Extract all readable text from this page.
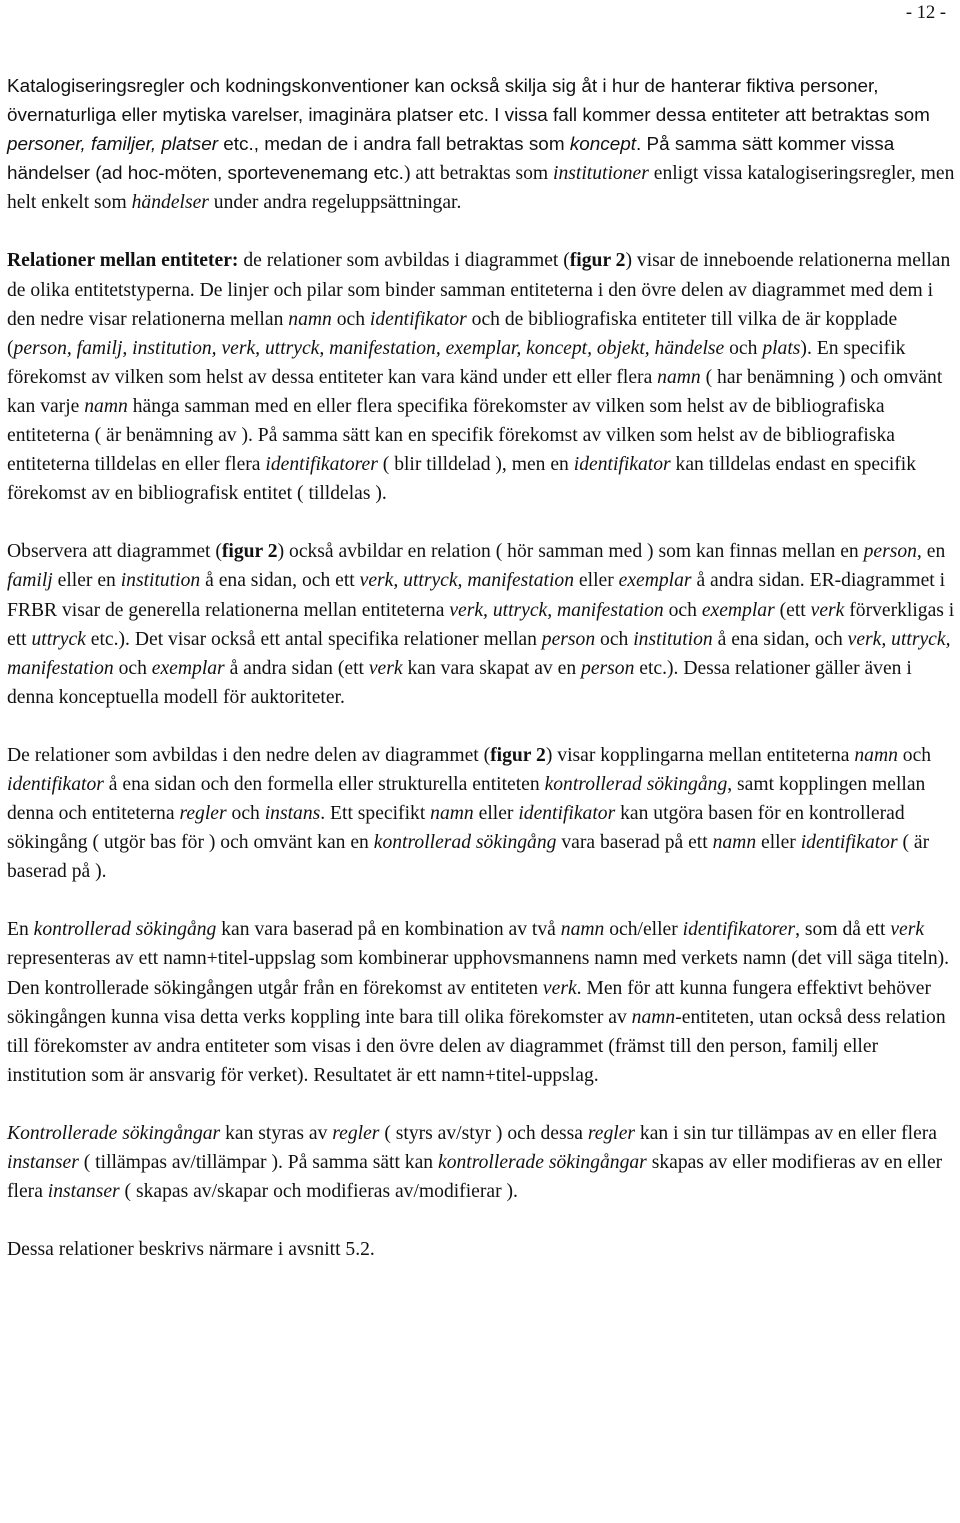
- 12 -

Katalogiseringsregler och kodningskonventioner kan också skilja sig åt i hur de hanterar fiktiva personer, övernaturliga eller mytiska varelser, imaginära platser etc. I vissa fall kommer dessa entiteter att betraktas som personer, familjer, platser etc., medan de i andra fall betraktas som koncept. På samma sätt kommer vissa händelser (ad hoc-möten, sportevenemang etc.) att betraktas som institutioner enligt vissa katalogiseringsregler, men helt enkelt som händelser under andra regeluppsättningar.

Relationer mellan entiteter: de relationer som avbildas i diagrammet (figur 2) visar de inneboende relationerna mellan de olika entitetstyperna. De linjer och pilar som binder samman entiteterna i den övre delen av diagrammet med dem i den nedre visar relationerna mellan namn och identifikator och de bibliografiska entiteter till vilka de är kopplade (person, familj, institution, verk, uttryck, manifestation, exemplar, koncept, objekt, händelse och plats). En specifik förekomst av vilken som helst av dessa entiteter kan vara känd under ett eller flera namn ( har benämning ) och omvänt kan varje namn hänga samman med en eller flera specifika förekomster av vilken som helst av de bibliografiska entiteterna ( är benämning av ). På samma sätt kan en specifik förekomst av vilken som helst av de bibliografiska entiteterna tilldelas en eller flera identifikatorer ( blir tilldelad ), men en identifikator kan tilldelas endast en specifik förekomst av en bibliografisk entitet ( tilldelas ).

Observera att diagrammet (figur 2) också avbildar en relation ( hör samman med ) som kan finnas mellan en person, en familj eller en institution å ena sidan, och ett verk, uttryck, manifestation eller exemplar å andra sidan. ER-diagrammet i FRBR visar de generella relationerna mellan entiteterna verk, uttryck, manifestation och exemplar (ett verk förverkligas i ett uttryck etc.). Det visar också ett antal specifika relationer mellan person och institution å ena sidan, och verk, uttryck, manifestation och exemplar å andra sidan (ett verk kan vara skapat av en person etc.). Dessa relationer gäller även i denna konceptuella modell för auktoriteter.

De relationer som avbildas i den nedre delen av diagrammet (figur 2) visar kopplingarna mellan entiteterna namn och identifikator å ena sidan och den formella eller strukturella entiteten kontrollerad sökingång, samt kopplingen mellan denna och entiteterna regler och instans. Ett specifikt namn eller identifikator kan utgöra basen för en kontrollerad sökingång ( utgör bas för ) och omvänt kan en kontrollerad sökingång vara baserad på ett namn eller identifikator ( är baserad på ).

En kontrollerad sökingång kan vara baserad på en kombination av två namn och/eller identifikatorer, som då ett verk representeras av ett namn+titel-uppslag som kombinerar upphovsmannens namn med verkets namn (det vill säga titeln). Den kontrollerade sökingången utgår från en förekomst av entiteten verk. Men för att kunna fungera effektivt behöver sökingången kunna visa detta verks koppling inte bara till olika förekomster av namn-entiteten, utan också dess relation till förekomster av andra entiteter som visas i den övre delen av diagrammet (främst till den person, familj eller institution som är ansvarig för verket). Resultatet är ett namn+titel-uppslag.

Kontrollerade sökingångar kan styras av regler ( styrs av/styr ) och dessa regler kan i sin tur tillämpas av en eller flera instanser ( tillämpas av/tillämpar ). På samma sätt kan kontrollerade sökingångar skapas av eller modifieras av en eller flera instanser ( skapas av/skapar och modifieras av/modifierar ).

Dessa relationer beskrivs närmare i avsnitt 5.2.
